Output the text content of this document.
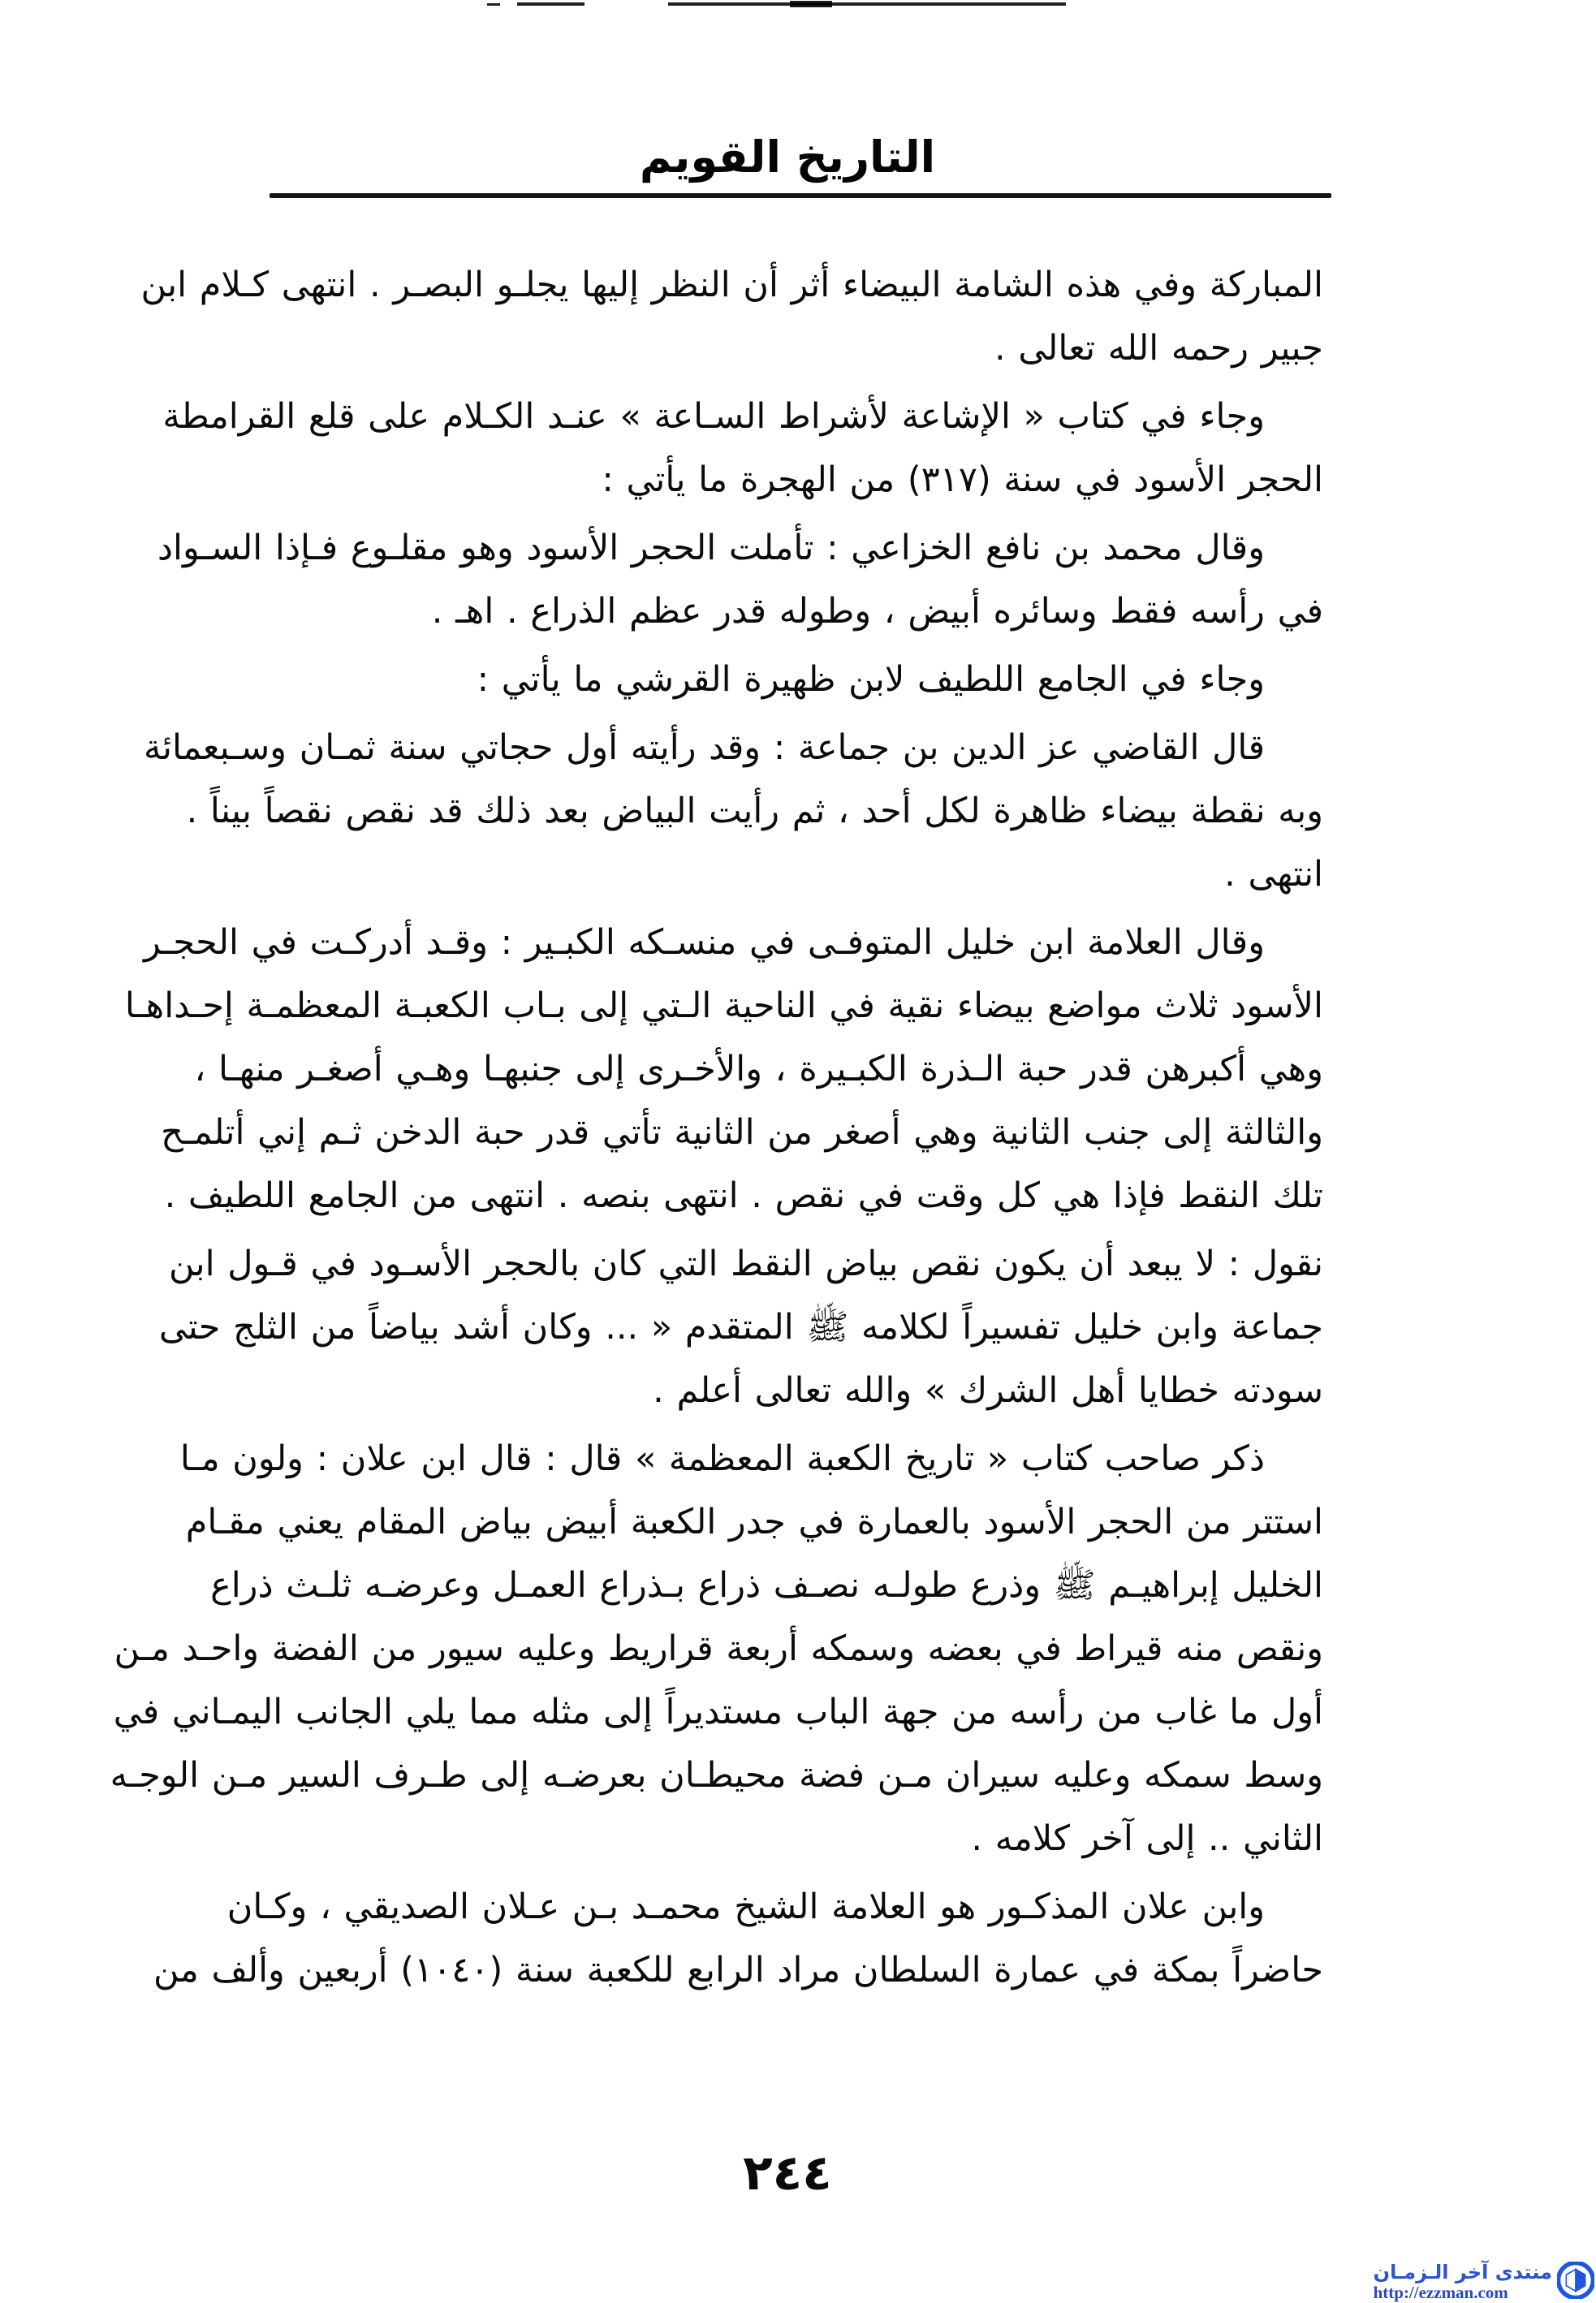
التاريخ القويم
المباركة وفي هذه الشامة البيضاء أثر أن النظر إليها يجلـو البصـر . انتهى كـلام ابن
جبير رحمه الله تعالى .
وجاء في كتاب « الإشاعة لأشراط السـاعة » عنـد الكـلام على قلع القرامطة
الحجر الأسود في سنة (٣١٧) من الهجرة ما يأتي :
وقال محمد بن نافع الخزاعي : تأملت الحجر الأسود وهو مقلـوع فـإذا السـواد
في رأسه فقط وسائره أبيض ، وطوله قدر عظم الذراع . اهـ .
وجاء في الجامع اللطيف لابن ظهيرة القرشي ما يأتي :
قال القاضي عز الدين بن جماعة : وقد رأيته أول حجاتي سنة ثمـان وسـبعمائة
وبه نقطة بيضاء ظاهرة لكل أحد ، ثم رأيت البياض بعد ذلك قد نقص نقصاً بيناً .
انتهى .
وقال العلامة ابن خليل المتوفـى في منسـكه الكبـير : وقـد أدركـت في الحجـر
الأسود ثلاث مواضع بيضاء نقية في الناحية الـتي إلى بـاب الكعبـة المعظمـة إحـداهـا
وهي أكبرهن قدر حبة الـذرة الكبـيرة ، والأخـرى إلى جنبهـا وهـي أصغـر منهـا ،
والثالثة إلى جنب الثانية وهي أصغر من الثانية تأتي قدر حبة الدخن ثـم إني أتلمـح
تلك النقط فإذا هي كل وقت في نقص . انتهى بنصه . انتهى من الجامع اللطيف .
نقول : لا يبعد أن يكون نقص بياض النقط التي كان بالحجر الأسـود في قـول ابن
جماعة وابن خليل تفسيراً لكلامه ﷺ المتقدم « ... وكان أشد بياضاً من الثلج حتى
سودته خطايا أهل الشرك » والله تعالى أعلم .
ذكر صاحب كتاب « تاريخ الكعبة المعظمة » قال : قال ابن علان : ولون مـا
استتر من الحجر الأسود بالعمارة في جدر الكعبة أبيض بياض المقام يعني مقـام
الخليل إبراهيـم ﷺ وذرع طولـه نصـف ذراع بـذراع العمـل وعرضـه ثلـث ذراع
ونقص منه قيراط في بعضه وسمكه أربعة قراريط وعليه سيور من الفضة واحـد مـن
أول ما غاب من رأسه من جهة الباب مستديراً إلى مثله مما يلي الجانب اليمـاني في
وسط سمكه وعليه سيران مـن فضة محيطـان بعرضـه إلى طـرف السير مـن الوجـه
الثاني .. إلى آخر كلامه .
وابن علان المذكـور هو العلامة الشيخ محمـد بـن عـلان الصديقي ، وكـان
حاضراً بمكة في عمارة السلطان مراد الرابع للكعبة سنة (١٠٤٠) أربعين وألف من
٢٤٤
منتدى آخر الـزمـان
http://ezzman.com
